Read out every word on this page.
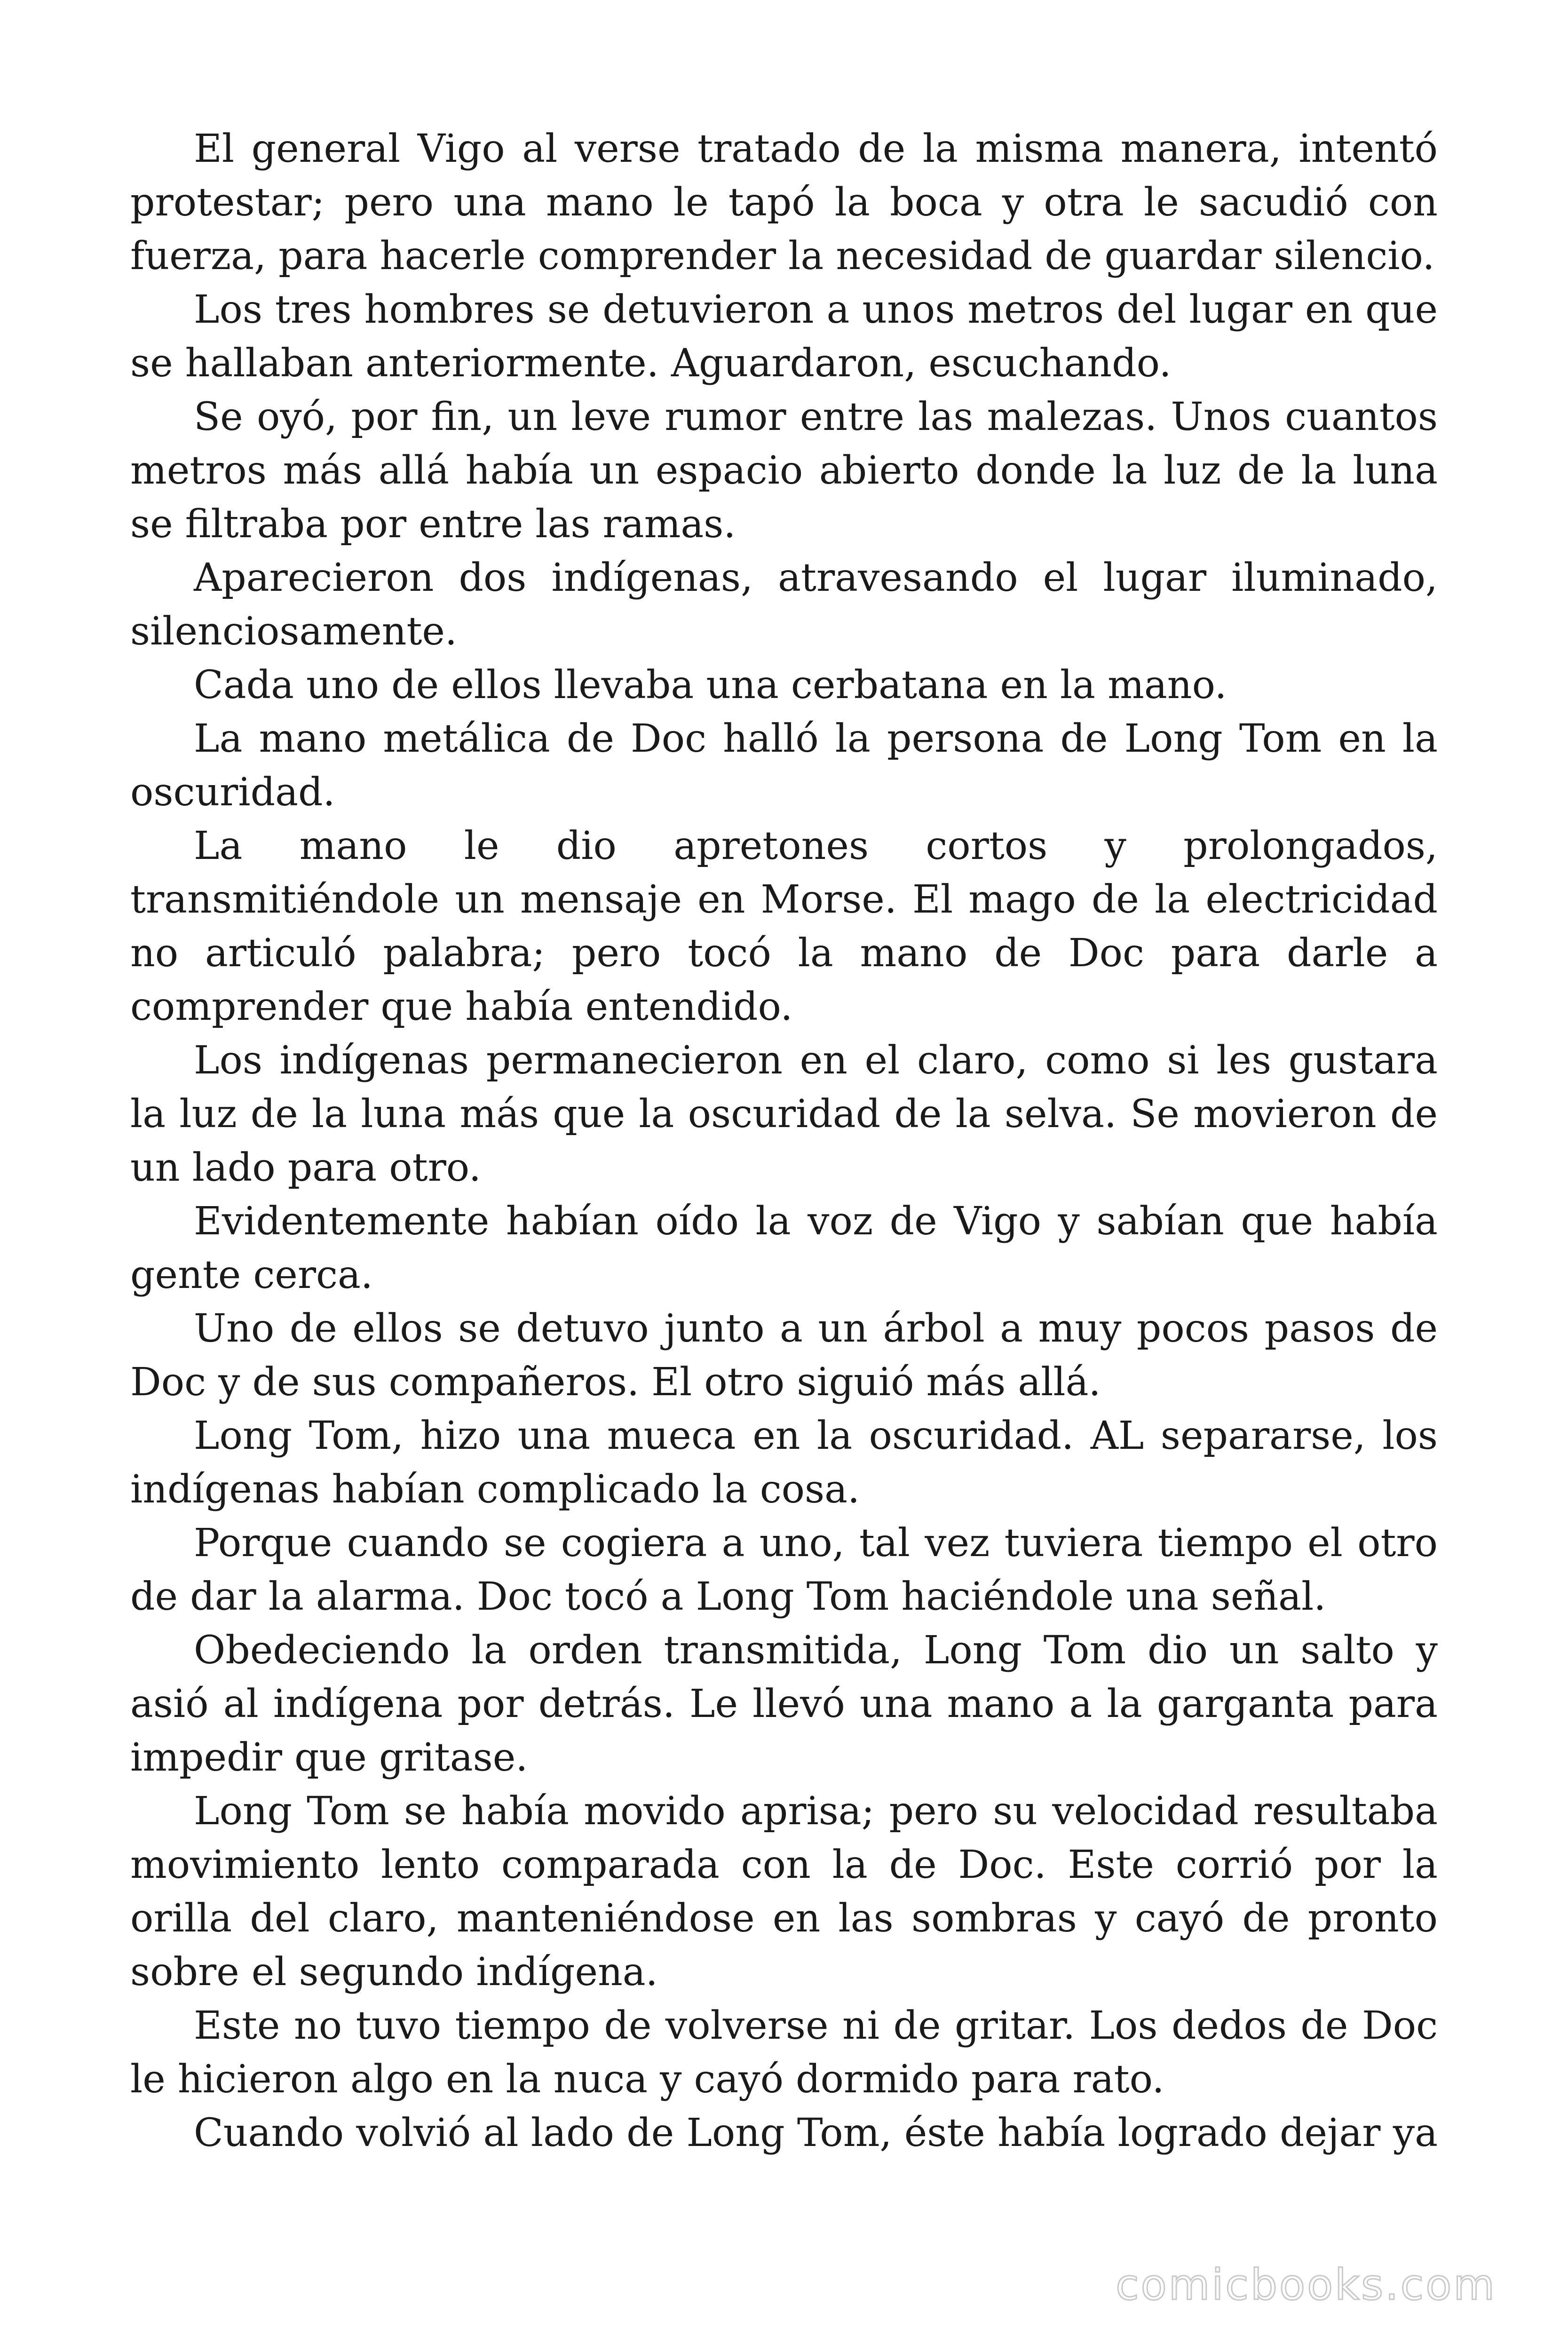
El general Vigo al verse tratado de la misma manera, intentó protestar; pero una mano le tapó la boca y otra le sacudió con fuerza, para hacerle comprender la necesidad de guardar silencio.

Los tres hombres se detuvieron a unos metros del lugar en que se hallaban anteriormente. Aguardaron, escuchando.

Se oyó, por fin, un leve rumor entre las malezas. Unos cuantos metros más allá había un espacio abierto donde la luz de la luna se filtraba por entre las ramas.

Aparecieron dos indígenas, atravesando el lugar iluminado, silenciosamente.

Cada uno de ellos llevaba una cerbatana en la mano.

La mano metálica de Doc halló la persona de Long Tom en la oscuridad.

La mano le dio apretones cortos y prolongados, transmitiéndole un mensaje en Morse. El mago de la electricidad no articuló palabra; pero tocó la mano de Doc para darle a comprender que había entendido.

Los indígenas permanecieron en el claro, como si les gustara la luz de la luna más que la oscuridad de la selva. Se movieron de un lado para otro.

Evidentemente habían oído la voz de Vigo y sabían que había gente cerca.

Uno de ellos se detuvo junto a un árbol a muy pocos pasos de Doc y de sus compañeros. El otro siguió más allá.

Long Tom, hizo una mueca en la oscuridad. AL separarse, los indígenas habían complicado la cosa.

Porque cuando se cogiera a uno, tal vez tuviera tiempo el otro de dar la alarma. Doc tocó a Long Tom haciéndole una señal.

Obedeciendo la orden transmitida, Long Tom dio un salto y asió al indígena por detrás. Le llevó una mano a la garganta para impedir que gritase.

Long Tom se había movido aprisa; pero su velocidad resultaba movimiento lento comparada con la de Doc. Este corrió por la orilla del claro, manteniéndose en las sombras y cayó de pronto sobre el segundo indígena.

Este no tuvo tiempo de volverse ni de gritar. Los dedos de Doc le hicieron algo en la nuca y cayó dormido para rato.

Cuando volvió al lado de Long Tom, éste había logrado dejar ya

comicbooks.com
